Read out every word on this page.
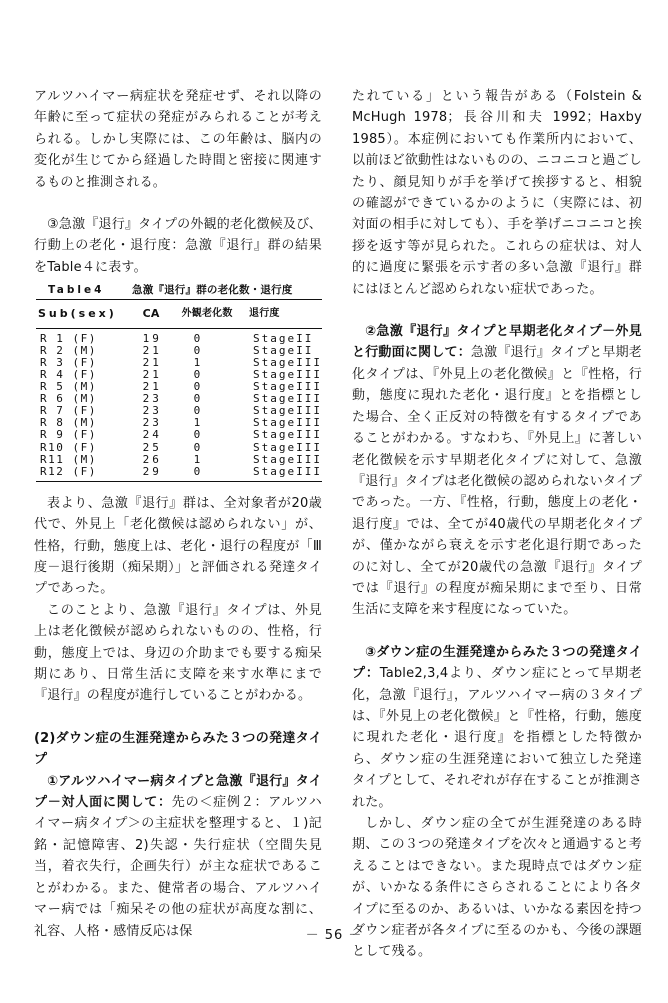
アルツハイマー病症状を発症せず、それ以降の年齢に至って症状の発症がみられることが考えられる。しかし実際には、この年齢は、脳内の変化が生じてから経過した時間と密接に関連するものと推測される。

③急激『退行』タイプの外観的老化徴候及び、行動上の老化・退行度：急激『退行』群の結果をTable４に表す。

Table4	急激『退行』群の老化数・退行度
Sub(sex)	CA	外観老化数	退行度
R 1 (F)	19	0	StageII
R 2 (M)	21	0	StageII
R 3 (F)	21	1	StageIII
R 4 (F)	21	0	StageIII
R 5 (M)	21	0	StageIII
R 6 (M)	23	0	StageIII
R 7 (F)	23	0	StageIII
R 8 (M)	23	1	StageIII
R 9 (F)	24	0	StageIII
R10 (F)	25	0	StageIII
R11 (M)	26	1	StageIII
R12 (F)	29	0	StageIII

表より、急激『退行』群は、全対象者が20歳代で、外見上「老化徴候は認められない」が、性格，行動，態度上は、老化・退行の程度が「Ⅲ度－退行後期（痴呆期）」と評価される発達タイプであった。

このことより、急激『退行』タイプは、外見上は老化徴候が認められないものの、性格，行動，態度上では、身辺の介助までも要する痴呆期にあり、日常生活に支障を来す水準にまで『退行』の程度が進行していることがわかる。

(2)ダウン症の生涯発達からみた３つの発達タイプ

①アルツハイマー病タイプと急激『退行』タイプ－対人面に関して：先の＜症例２：アルツハイマー病タイプ＞の主症状を整理すると、１)記銘・記憶障害、2)失認・失行症状（空間失見当，着衣失行，企画失行）が主な症状であることがわかる。また、健常者の場合、アルツハイマー病では「痴呆その他の症状が高度な割に、礼容、人格・感情反応は保

たれている」という報告がある（Folstein & McHugh 1978；長谷川和夫 1992；Haxby 1985）。本症例においても作業所内において、以前ほど欲動性はないものの、ニコニコと過ごしたり、顔見知りが手を挙げて挨拶すると、相貌の確認ができているかのように（実際には、初対面の相手に対しても）、手を挙げニコニコと挨拶を返す等が見られた。これらの症状は、対人的に過度に緊張を示す者の多い急激『退行』群にはほとんど認められない症状であった。

②急激『退行』タイプと早期老化タイプ－外見と行動面に関して：急激『退行』タイプと早期老化タイプは、『外見上の老化徴候』と『性格，行動，態度に現れた老化・退行度』とを指標とした場合、全く正反対の特徴を有するタイプであることがわかる。すなわち、『外見上』に著しい老化徴候を示す早期老化タイプに対して、急激『退行』タイプは老化徴候の認められないタイプであった。一方、『性格，行動，態度上の老化・退行度』では、全てが40歳代の早期老化タイプが、僅かながら衰えを示す老化退行期であったのに対し、全てが20歳代の急激『退行』タイプでは『退行』の程度が痴呆期にまで至り、日常生活に支障を来す程度になっていた。

③ダウン症の生涯発達からみた３つの発達タイプ：Table2,3,4より、ダウン症にとって早期老化，急激『退行』，アルツハイマー病の３タイプは、『外見上の老化徴候』と『性格，行動，態度に現れた老化・退行度』を指標とした特徴から、ダウン症の生涯発達において独立した発達タイプとして、それぞれが存在することが推測された。

しかし、ダウン症の全てが生涯発達のある時期、この３つの発達タイプを次々と通過すると考えることはできない。また現時点ではダウン症が、いかなる条件にさらされることにより各タイプに至るのか、あるいは、いかなる素因を持つダウン症者が各タイプに至るのかも、今後の課題として残る。

－ 56 －
